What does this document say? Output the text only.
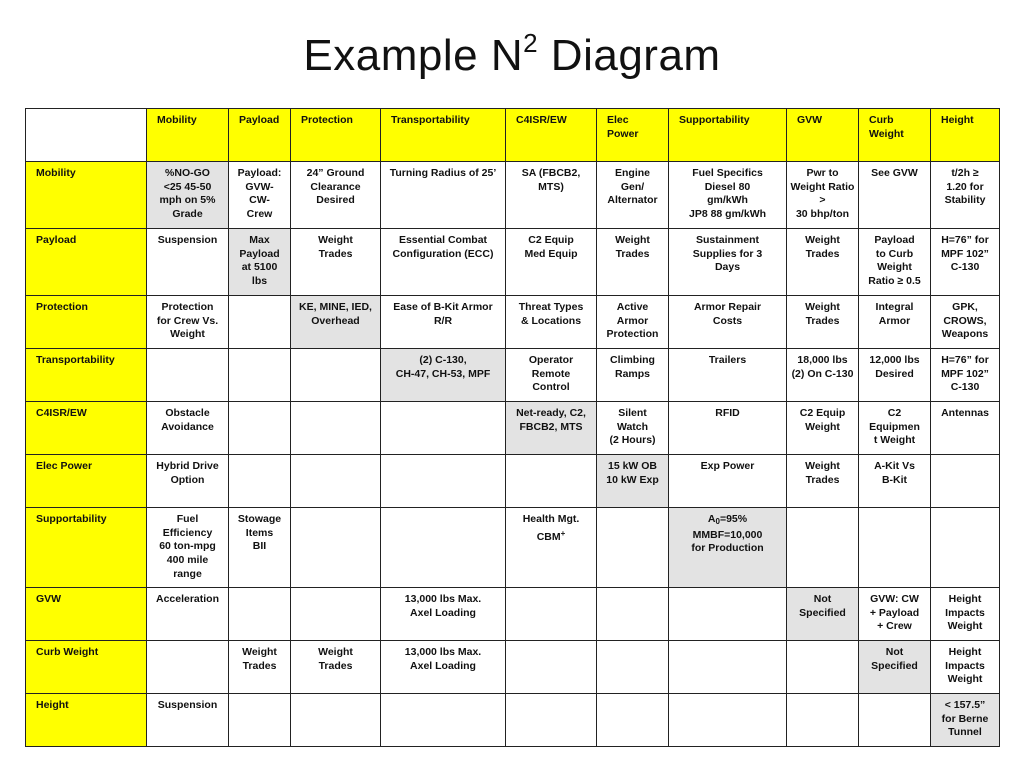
Example $N^2$ Diagram
	Mobility	Payload	Protection	Transportability	C4ISR/EW	Elec
Power	Supportability	GVW	Curb
Weight	Height
Mobility	%NO-GO
<25 45-50
mph on 5%
Grade	Payload:
GVW-
CW-
Crew	24” Ground
Clearance
Desired	Turning Radius of 25’	SA (FBCB2,
MTS)	Engine
Gen/
Alternator	Fuel Specifics
Diesel 80
gm/kWh
JP8 88 gm/kWh	Pwr to
Weight Ratio
>
30 bhp/ton	See GVW	t/2h ≥
1.20 for
Stability
Payload	Suspension	Max
Payload
at 5100
lbs	Weight
Trades	Essential Combat
Configuration (ECC)	C2 Equip
Med Equip	Weight
Trades	Sustainment
Supplies for 3
Days	Weight
Trades	Payload
to Curb
Weight
Ratio ≥ 0.5	H=76” for
MPF 102”
C-130
Protection	Protection
for Crew Vs.
Weight		KE, MINE, IED,
Overhead	Ease of B-Kit Armor
R/R	Threat Types
& Locations	Active
Armor
Protection	Armor Repair
Costs	Weight
Trades	Integral
Armor	GPK,
CROWS,
Weapons
Transportability				(2) C-130,
CH-47, CH-53, MPF	Operator
Remote
Control	Climbing
Ramps	Trailers	18,000 lbs
(2) On C-130	12,000 lbs
Desired	H=76” for
MPF 102”
C-130
C4ISR/EW	Obstacle
Avoidance				Net-ready, C2,
FBCB2, MTS	Silent
Watch
(2 Hours)	RFID	C2 Equip
Weight	C2
Equipmen
t Weight	Antennas
Elec Power	Hybrid Drive
Option					15 kW OB
10 kW Exp	Exp Power	Weight
Trades	A-Kit Vs
B-Kit	
Supportability	Fuel
Efficiency
60 ton-mpg
400 mile
range	Stowage
Items
BII			Health Mgt.
CBM+		$A_0=95\%$
MMBF=10,000
for Production			
GVW	Acceleration			13,000 lbs Max.
Axel Loading				Not
Specified	GVW: CW
+ Payload
+ Crew	Height
Impacts
Weight
Curb Weight		Weight
Trades	Weight
Trades	13,000 lbs Max.
Axel Loading					Not
Specified	Height
Impacts
Weight
Height	Suspension									< 157.5”
for Berne
Tunnel
